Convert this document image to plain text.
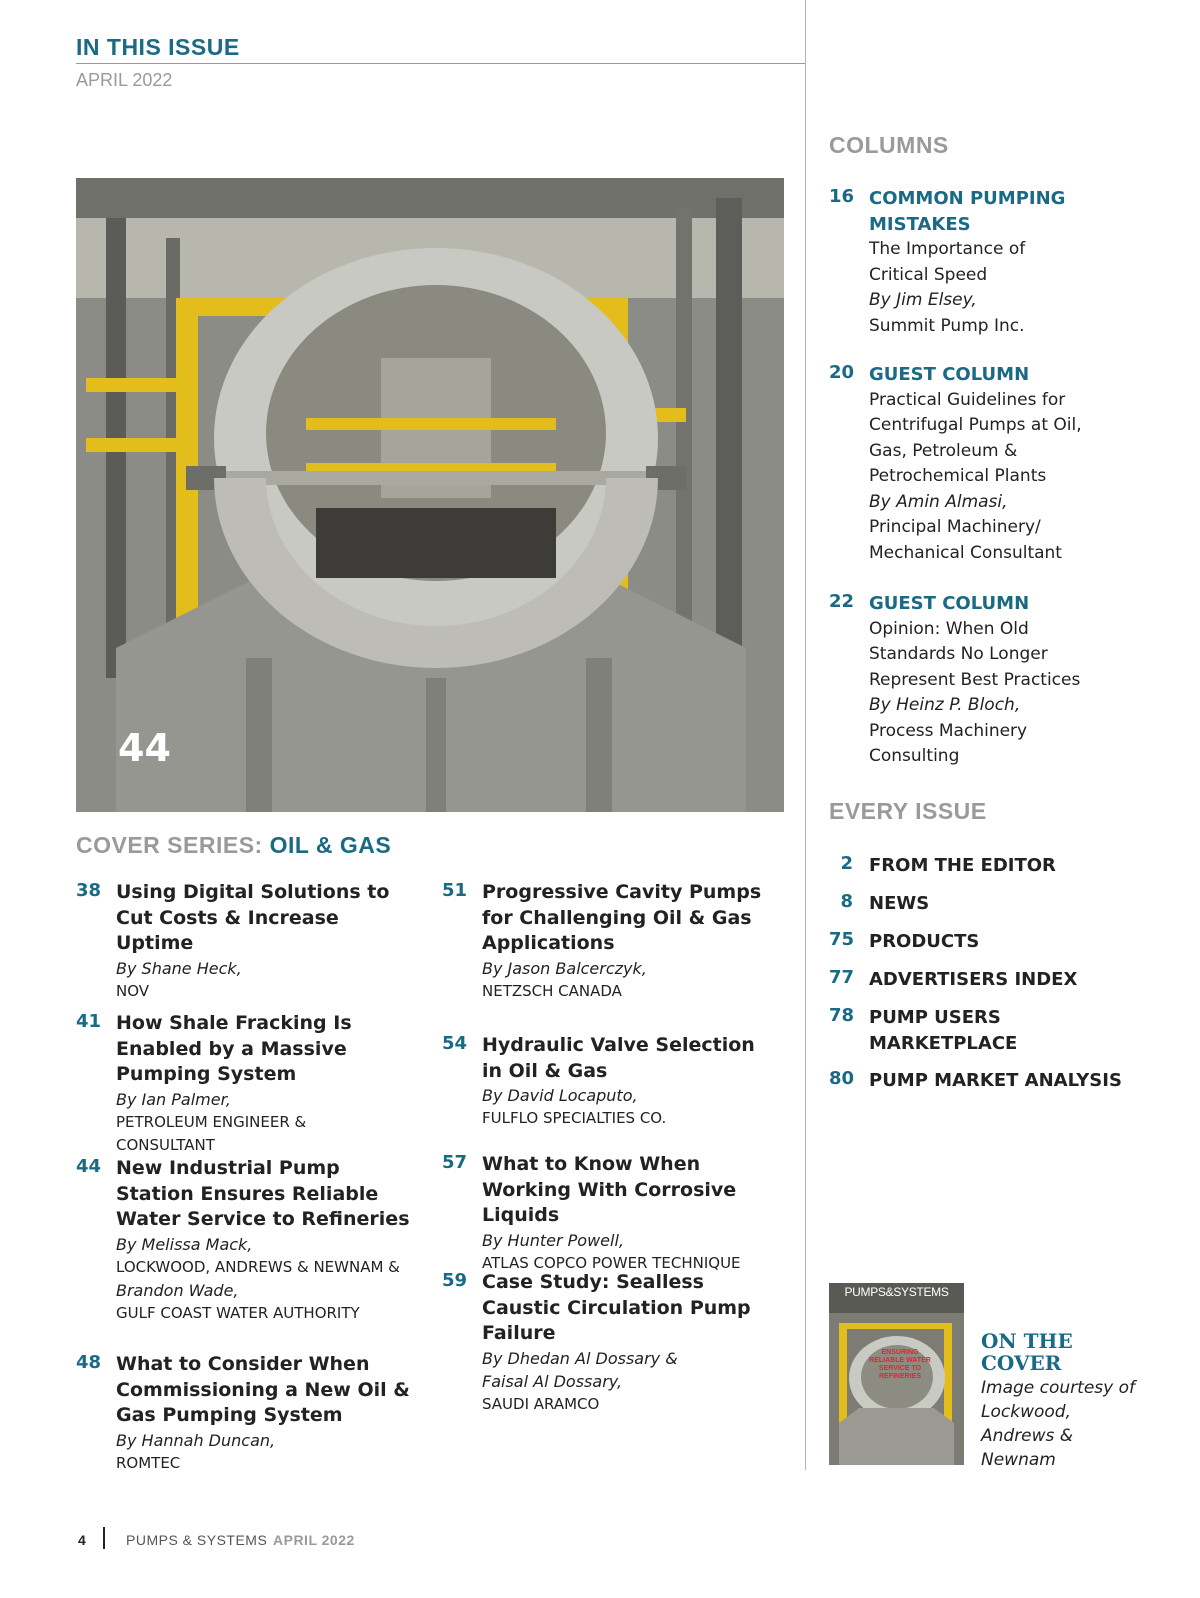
IN THIS ISSUE
APRIL 2022
44
COVER SERIES: OIL & GAS
38 Using Digital Solutions to Cut Costs & Increase Uptime
By Shane Heck,
NOV
41 How Shale Fracking Is Enabled by a Massive Pumping System
By Ian Palmer,
PETROLEUM ENGINEER & CONSULTANT
44 New Industrial Pump Station Ensures Reliable Water Service to Refineries
By Melissa Mack,
LOCKWOOD, ANDREWS & NEWNAM &
Brandon Wade,
GULF COAST WATER AUTHORITY
48 What to Consider When Commissioning a New Oil & Gas Pumping System
By Hannah Duncan,
ROMTEC
51 Progressive Cavity Pumps for Challenging Oil & Gas Applications
By Jason Balcerczyk,
NETZSCH CANADA
54 Hydraulic Valve Selection in Oil & Gas
By David Locaputo,
FULFLO SPECIALTIES CO.
57 What to Know When Working With Corrosive Liquids
By Hunter Powell,
ATLAS COPCO POWER TECHNIQUE
59 Case Study: Sealless Caustic Circulation Pump Failure
By Dhedan Al Dossary &
Faisal Al Dossary,
SAUDI ARAMCO
COLUMNS
16 COMMON PUMPING MISTAKES
The Importance of Critical Speed
By Jim Elsey,
Summit Pump Inc.
20 GUEST COLUMN
Practical Guidelines for Centrifugal Pumps at Oil, Gas, Petroleum & Petrochemical Plants
By Amin Almasi,
Principal Machinery/ Mechanical Consultant
22 GUEST COLUMN
Opinion: When Old Standards No Longer Represent Best Practices
By Heinz P. Bloch,
Process Machinery Consulting
EVERY ISSUE
2 FROM THE EDITOR
8 NEWS
75 PRODUCTS
77 ADVERTISERS INDEX
78 PUMP USERS MARKETPLACE
80 PUMP MARKET ANALYSIS
PUMPS&SYSTEMS
ENSURING RELIABLE WATER SERVICE TO REFINERIES
ON THE COVER
Image courtesy of Lockwood, Andrews & Newnam
4	PUMPS & SYSTEMS APRIL 2022
